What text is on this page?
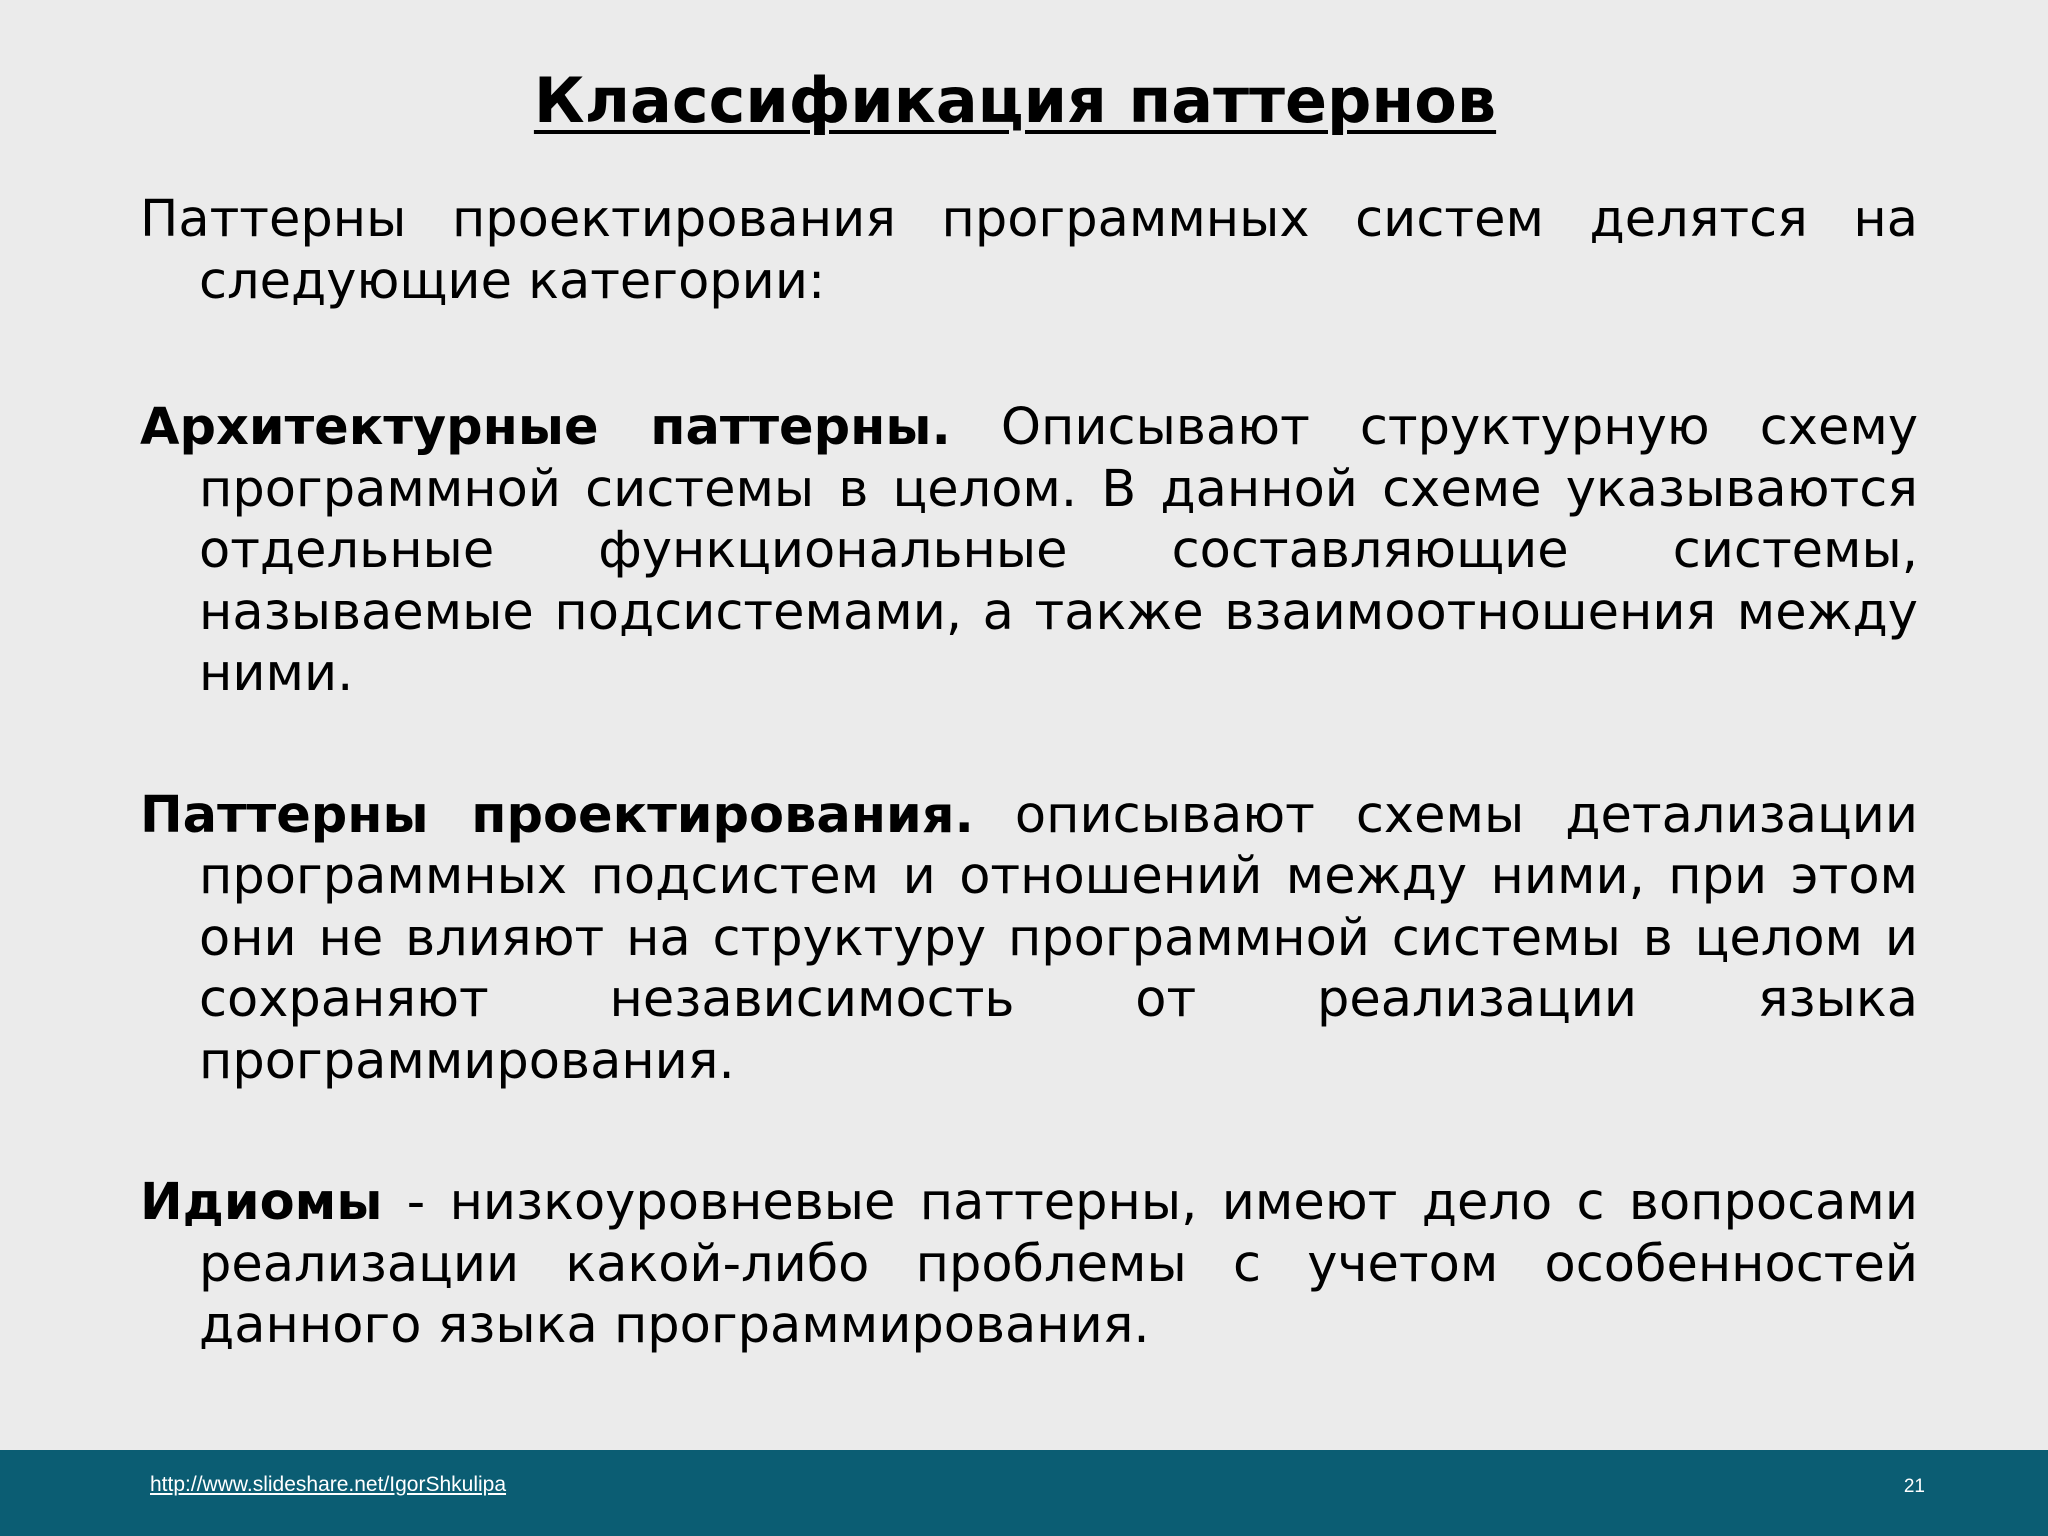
Классификация паттернов

Паттерны проектирования программных систем делятся на следующие категории:

Архитектурные паттерны. Описывают структурную схему программной системы в целом. В данной схеме указываются отдельные функциональные составляющие системы, называемые подсистемами, а также взаимоотношения между ними.

Паттерны проектирования. описывают схемы детализации программных подсистем и отношений между ними, при этом они не влияют на структуру программной системы в целом и сохраняют независимость от реализации языка программирования.

Идиомы - низкоуровневые паттерны, имеют дело с вопросами реализации какой-либо проблемы с учетом особенностей данного языка программирования.

http://www.slideshare.net/IgorShkulipa	21
